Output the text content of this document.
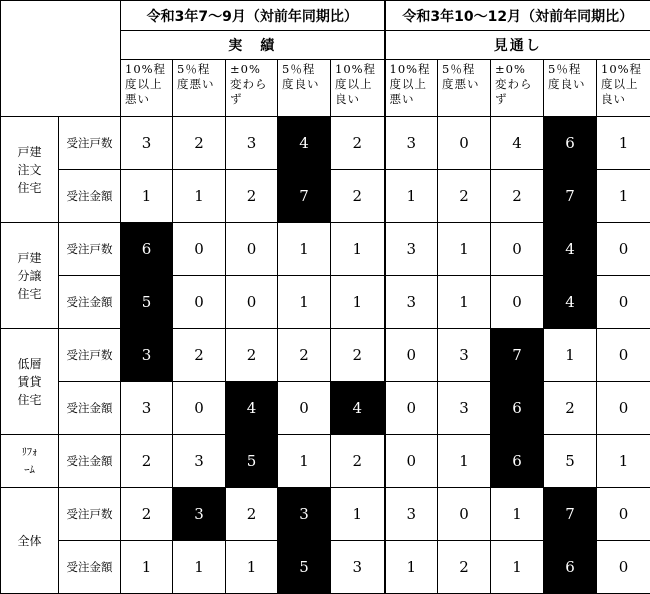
		令和3年7〜9月（対前年同期比）					令和3年10〜12月（対前年同期比）				
		実　績					見通し				

		10%程
度以上
悪い	5％程
度悪い	±0%
変わら
ず	5％程
度良い	10%程
度以上
良い	10%程
度以上
悪い	5％程
度悪い	±0%
変わら
ず	5％程
度良い	10%程
度以上
良い

戸建
注文
住宅	受注戸数	3	2	3	4	2	3	0	4	6	1
	受注金額	1	1	2	7	2	1	2	2	7	1

戸建
分譲
住宅	受注戸数	6	0	0	1	1	3	1	0	4	0
	受注金額	5	0	0	1	1	3	1	0	4	0

低層
賃貸
住宅	受注戸数	3	2	2	2	2	0	3	7	1	0
	受注金額	3	0	4	0	4	0	3	6	2	0

ﾘﾌｫ
ｰﾑ	受注金額	2	3	5	1	2	0	1	6	5	1

全体	受注戸数	2	3	2	3	1	3	0	1	7	0
	受注金額	1	1	1	5	3	1	2	1	6	0
